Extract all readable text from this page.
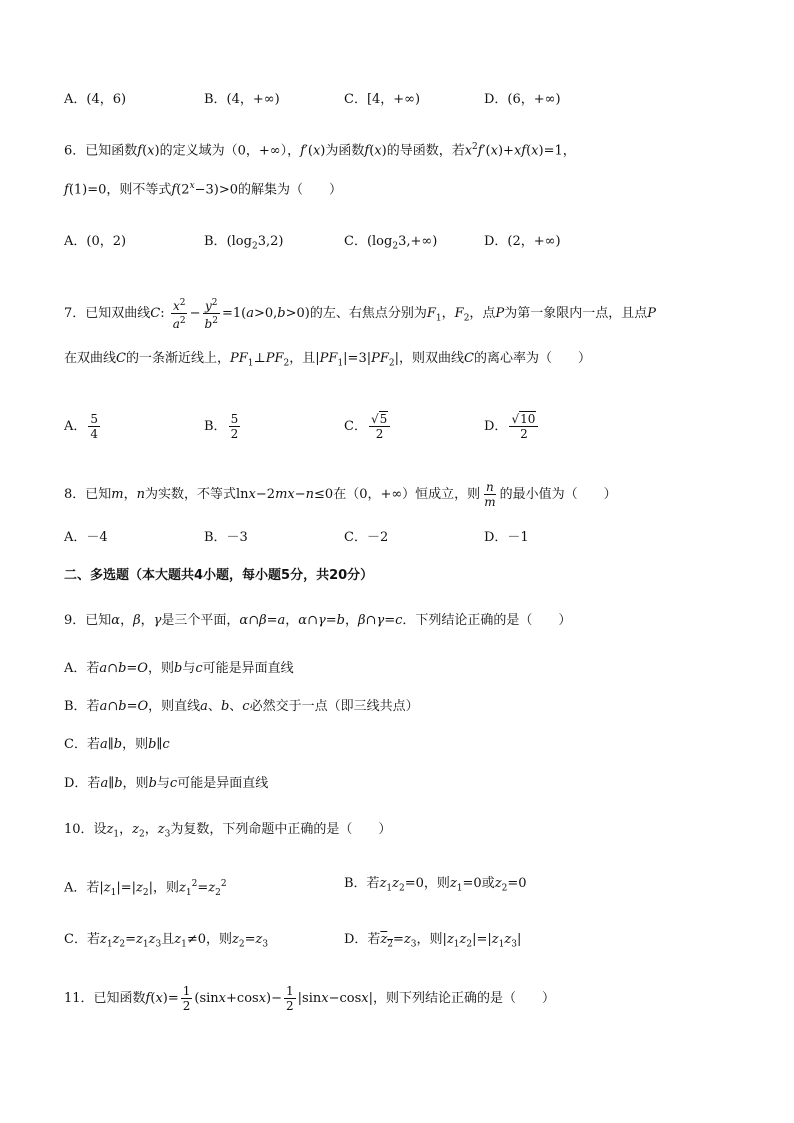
A．(4，6)	B．(4，+∞)	C．[4，+∞)	D．(6，+∞)
6．已知函数f(x)的定义域为（0，+∞），f′(x)为函数f(x)的导函数，若$x^2f'(x)+xf(x)=1$，
f(1)=0，则不等式$f(2^x-3)>0$的解集为（　　）
A．(0，2)	B．$(\log_23,2)$	C．$(\log_23,+\infty)$	D．(2，+∞)
7．已知双曲线C: $\frac{x^2}{a^2} - \frac{y^2}{b^2} =1(a>0,b>0)$的左、右焦点分别为$F_1$，$F_2$，点P为第一象限内一点，且点P
在双曲线C的一条渐近线上，$PF_1\perp PF_2$，且$|PF_1|=3|PF_2|$，则双曲线C的离心率为（　　）
A． $\frac{5}{4}$	B． $\frac{5}{2}$	C． $\frac{√5}{2}$	D． $\frac{√10}{2}$
8．已知m，n为实数，不等式lnx−2mx−n≤0在（0，+∞）恒成立，则 $\frac{n}{m}$ 的最小值为（　　）
A．－4	B．－3	C．－2	D．－1
二、多选题（本大题共4小题，每小题5分，共20分）
9．已知α，β，γ是三个平面，α∩β=a，α∩γ=b，β∩γ=c．下列结论正确的是（　　）
A．若a∩b=O，则b与c可能是异面直线
B．若a∩b=O，则直线a、b、c必然交于一点（即三线共点）
C．若a∥b，则b∥c
D．若a∥b，则b与c可能是异面直线
10．设$z_1$，$z_2$，$z_3$为复数，下列命题中正确的是（　　）
A．若$|z_1|=|z_2|$，则$z_1^2=z_2^2$	B．若$z_1z_2=0$，则$z_1=0$或$z_2=0$
C．若$z_1z_2=z_1z_3$且$z_1\ne 0$，则$z_2=z_3$	D．若$z_2=z_3$，则$|z_1z_2|=|z_1z_3|$
11．已知函数$f(x)= \frac{1}{2} (\sin x+\cos x)- \frac{1}{2} |\sin x-\cos x|$，则下列结论正确的是（　　）
